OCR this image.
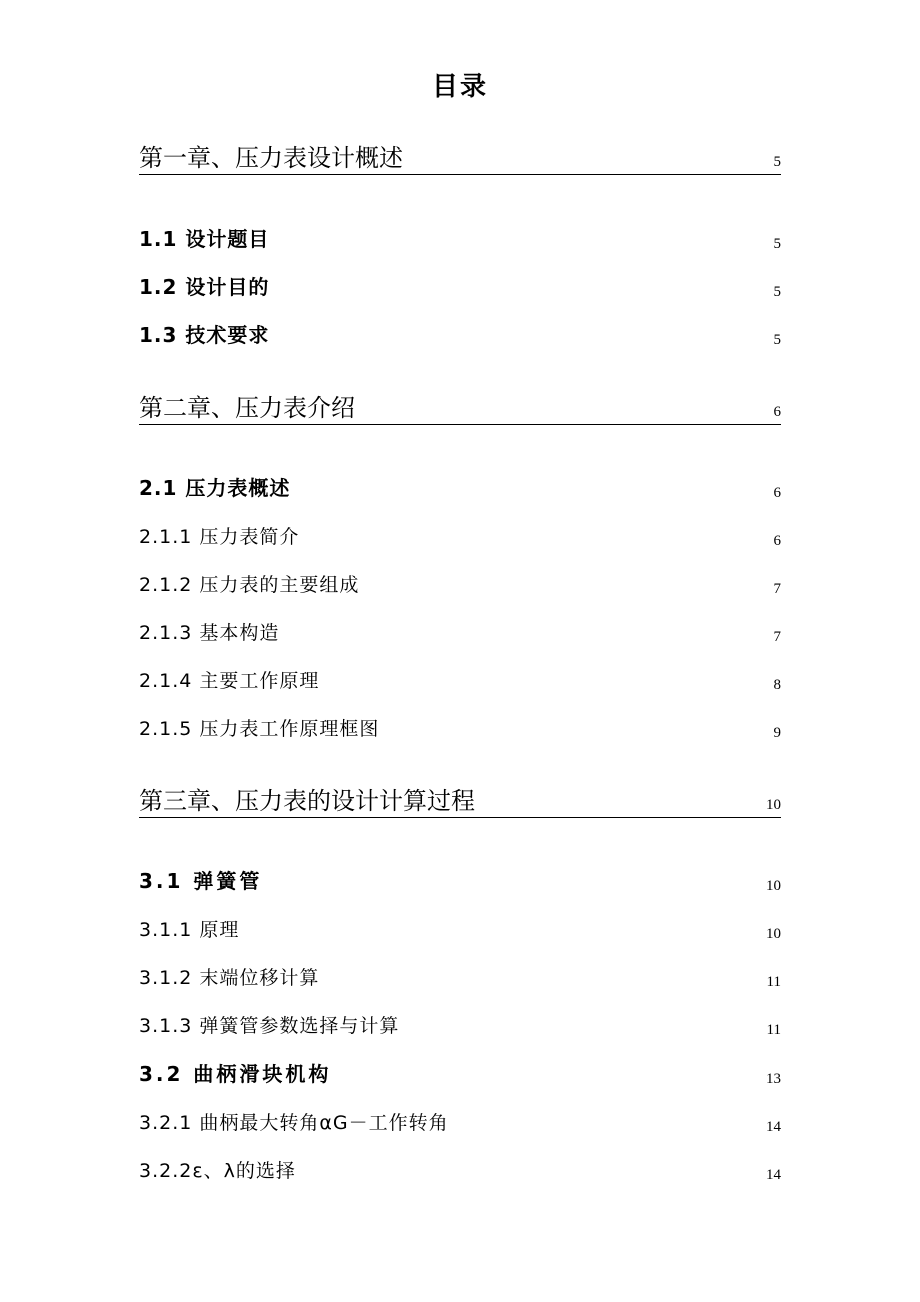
目录
第一章、压力表设计概述	5
1.1 设计题目	5
1.2 设计目的	5
1.3 技术要求	5
第二章、压力表介绍	6
2.1 压力表概述	6
2.1.1 压力表简介	6
2.1.2 压力表的主要组成	7
2.1.3 基本构造	7
2.1.4 主要工作原理	8
2.1.5 压力表工作原理框图	9
第三章、压力表的设计计算过程	10
3.1 弹簧管	10
3.1.1 原理	10
3.1.2 末端位移计算	11
3.1.3 弹簧管参数选择与计算	11
3.2 曲柄滑块机构	13
3.2.1 曲柄最大转角αG－工作转角	14
3.2.2ε、λ的选择	14
